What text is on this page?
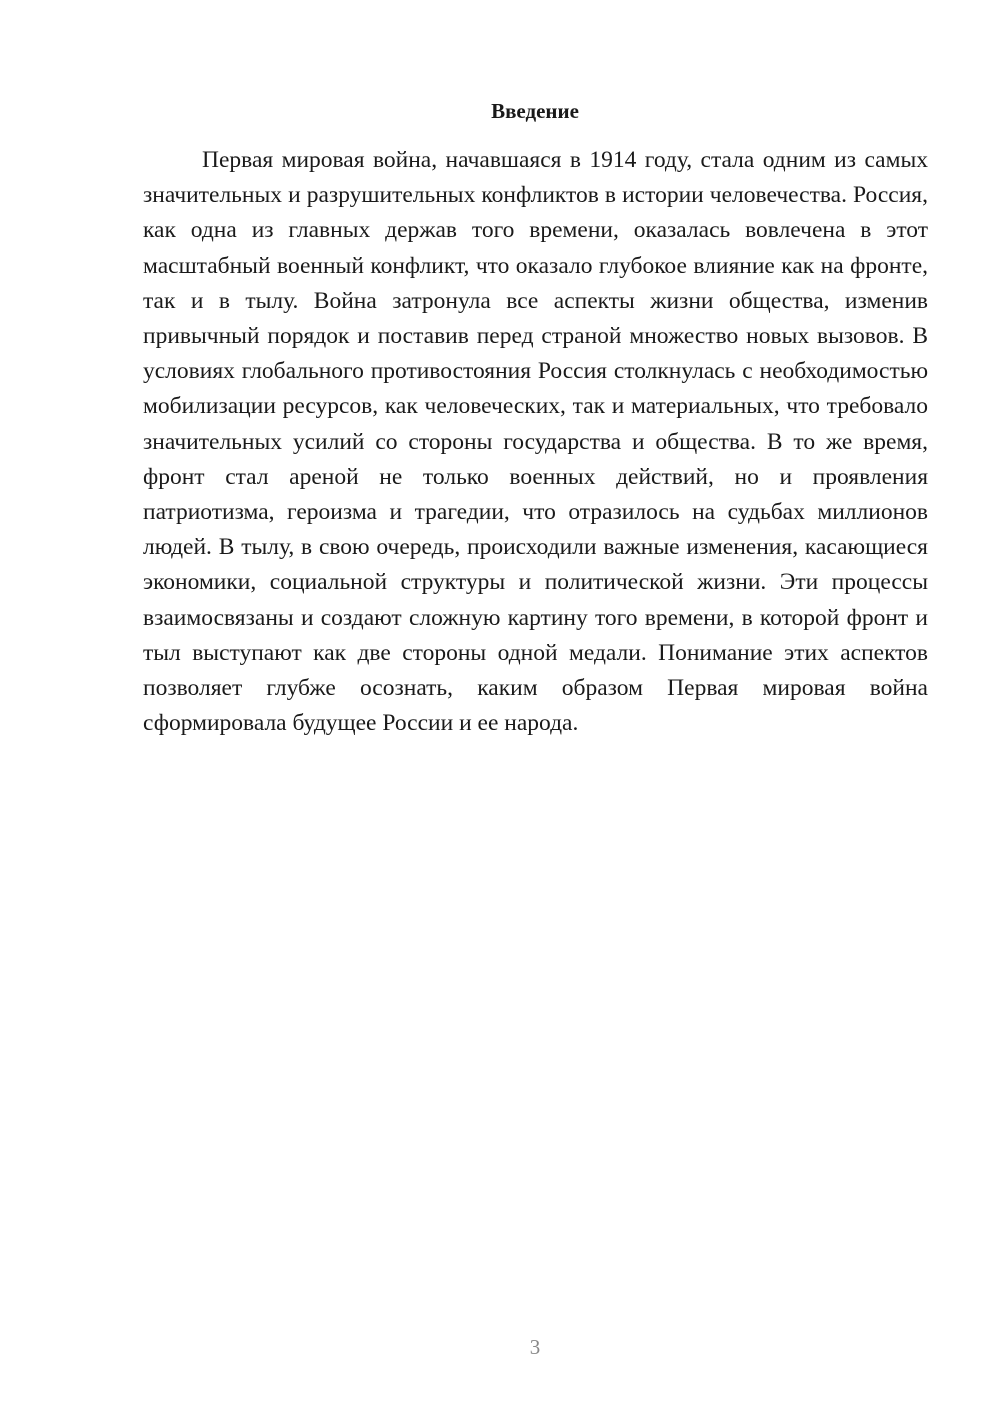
Введение

Первая мировая война, начавшаяся в 1914 году, стала одним из самых значительных и разрушительных конфликтов в истории человечества. Россия, как одна из главных держав того времени, оказалась вовлечена в этот масштабный военный конфликт, что оказало глубокое влияние как на фронте, так и в тылу. Война затронула все аспекты жизни общества, изменив привычный порядок и поставив перед страной множество новых вызовов. В условиях глобального противостояния Россия столкнулась с необходимостью мобилизации ресурсов, как человеческих, так и материальных, что требовало значительных усилий со стороны государства и общества. В то же время, фронт стал ареной не только военных действий, но и проявления патриотизма, героизма и трагедии, что отразилось на судьбах миллионов людей. В тылу, в свою очередь, происходили важные изменения, касающиеся экономики, социальной структуры и политической жизни. Эти процессы взаимосвязаны и создают сложную картину того времени, в которой фронт и тыл выступают как две стороны одной медали. Понимание этих аспектов позволяет глубже осознать, каким образом Первая мировая война сформировала будущее России и ее народа.

3
